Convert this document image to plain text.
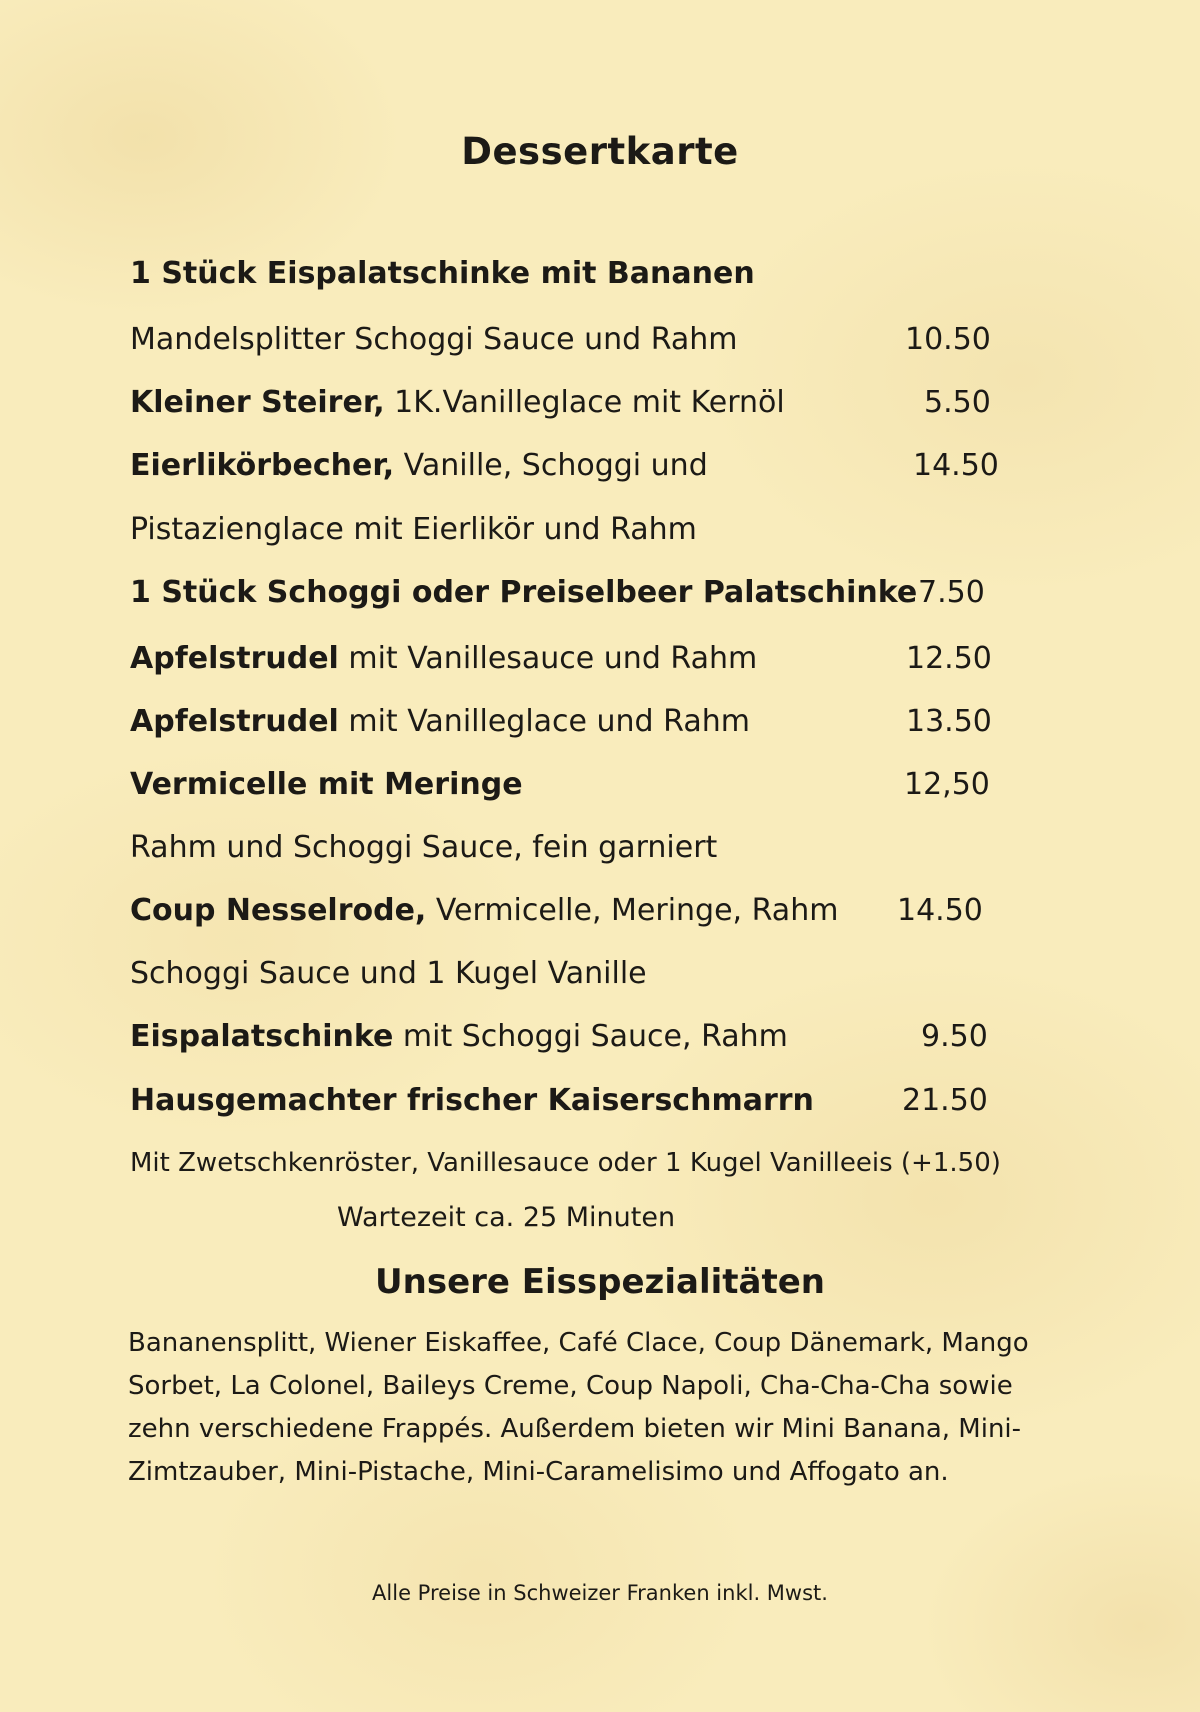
Dessertkarte
1 Stück Eispalatschinke mit Bananen
Mandelsplitter Schoggi Sauce und Rahm	10.50
Kleiner Steirer, 1K.Vanilleglace mit Kernöl	5.50
Eierlikörbecher, Vanille, Schoggi und	14.50
Pistazienglace mit Eierlikör und Rahm
1 Stück Schoggi oder Preiselbeer Palatschinke 7.50
Apfelstrudel mit Vanillesauce und Rahm	12.50
Apfelstrudel mit Vanilleglace und Rahm	13.50
Vermicelle mit Meringe	12,50
Rahm und Schoggi Sauce, fein garniert
Coup Nesselrode, Vermicelle, Meringe, Rahm 14.50
Schoggi Sauce und 1 Kugel Vanille
Eispalatschinke mit Schoggi Sauce, Rahm	9.50
Hausgemachter frischer Kaiserschmarrn	21.50
Mit Zwetschkenröster, Vanillesauce oder 1 Kugel Vanilleeis (+1.50)
Wartezeit ca. 25 Minuten
Unsere Eisspezialitäten
Bananensplitt, Wiener Eiskaffee, Café Clace, Coup Dänemark, Mango
Sorbet, La Colonel, Baileys Creme, Coup Napoli, Cha-Cha-Cha sowie
zehn verschiedene Frappés. Außerdem bieten wir Mini Banana, Mini-
Zimtzauber, Mini-Pistache, Mini-Caramelisimo und Affogato an.
Alle Preise in Schweizer Franken inkl. Mwst.
